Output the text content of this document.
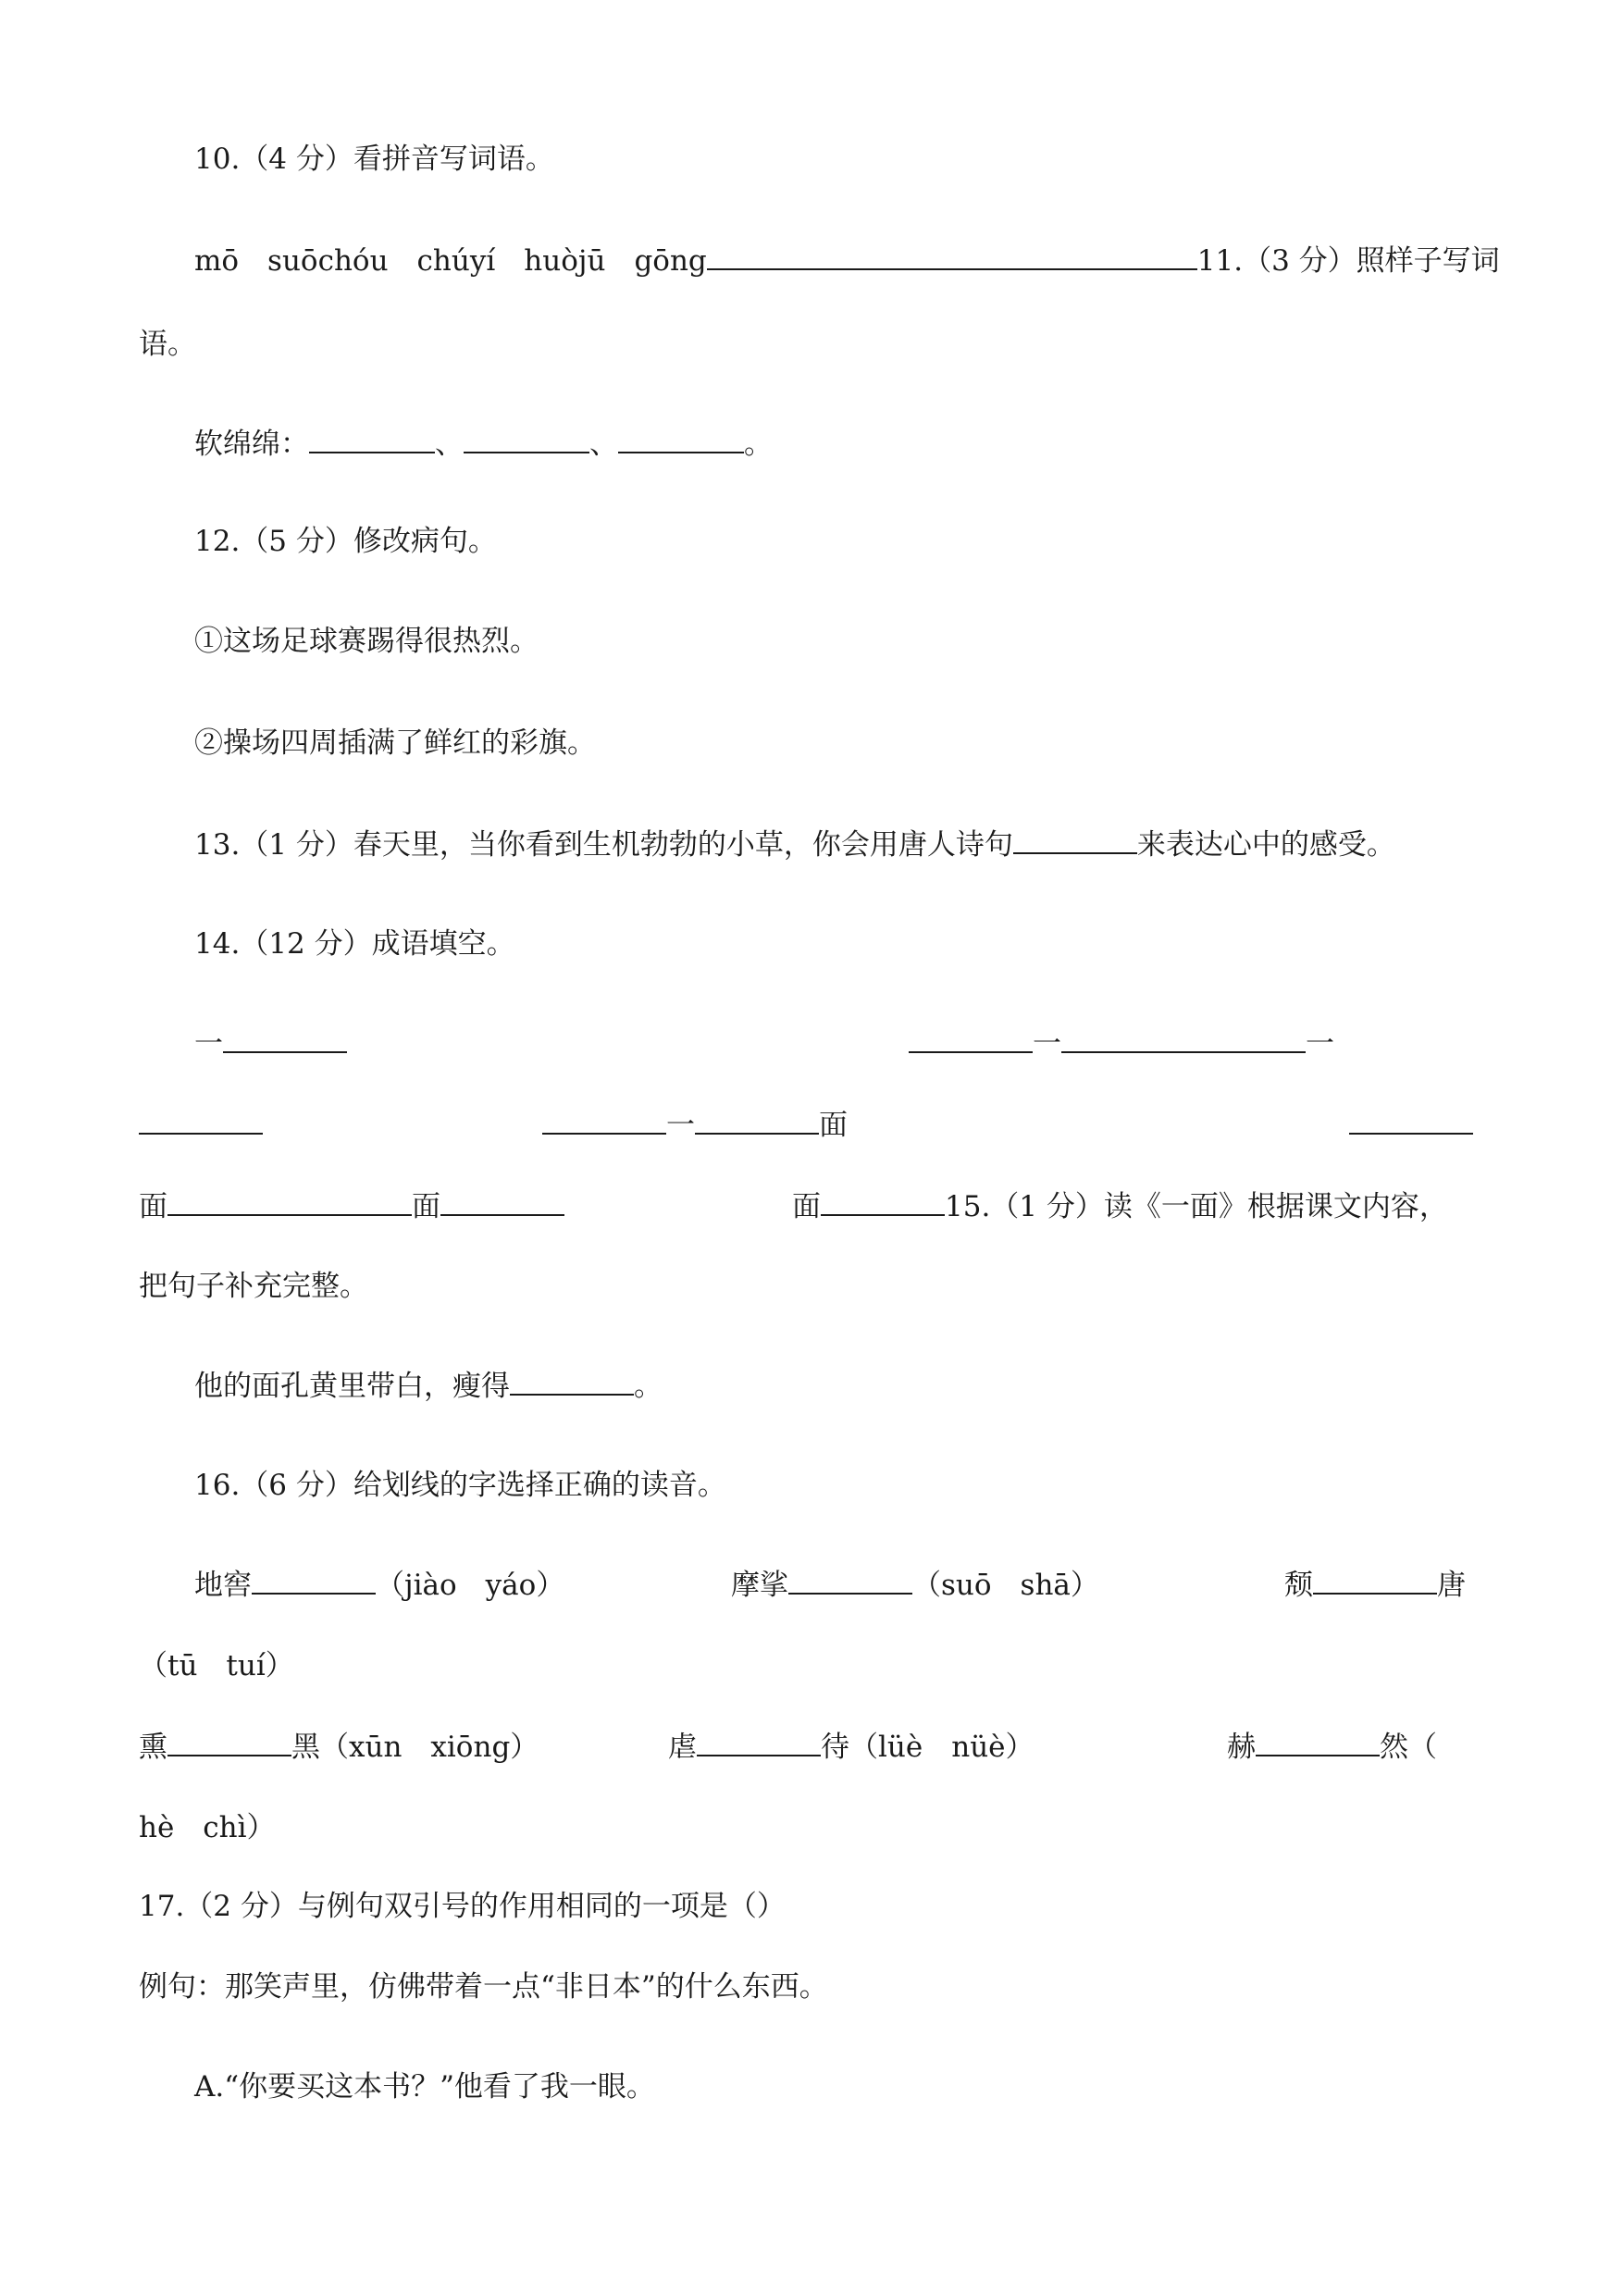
10.（4 分）看拼音写词语。
mō　suōchóu　chúyí　huòjū　gōng	11.（3 分）照样子写词
语。
软绵绵：	、	、	。
12.（5 分）修改病句。
①这场足球赛踢得很热烈。
②操场四周插满了鲜红的彩旗。
13.（1 分）春天里，当你看到生机勃勃的小草，你会用唐人诗句	来表达心中的感受。
14.（12 分）成语填空。
一	一	一
一	面
面	面	面	15.（1 分）读《一面》根据课文内容，
把句子补充完整。
他的面孔黄里带白，瘦得	。
16.（6 分）给划线的字选择正确的读音。
地窖	（jiào　yáo）	摩挲	（suō　shā）	颓	唐
（tū　tuí）
熏	黑（xūn　xiōng）	虐	待（lüè　nüè）	赫	然（
hè　chì）
17.（2 分）与例句双引号的作用相同的一项是（）
例句：那笑声里，仿佛带着一点“非日本”的什么东西。
A.“你要买这本书？”他看了我一眼。
